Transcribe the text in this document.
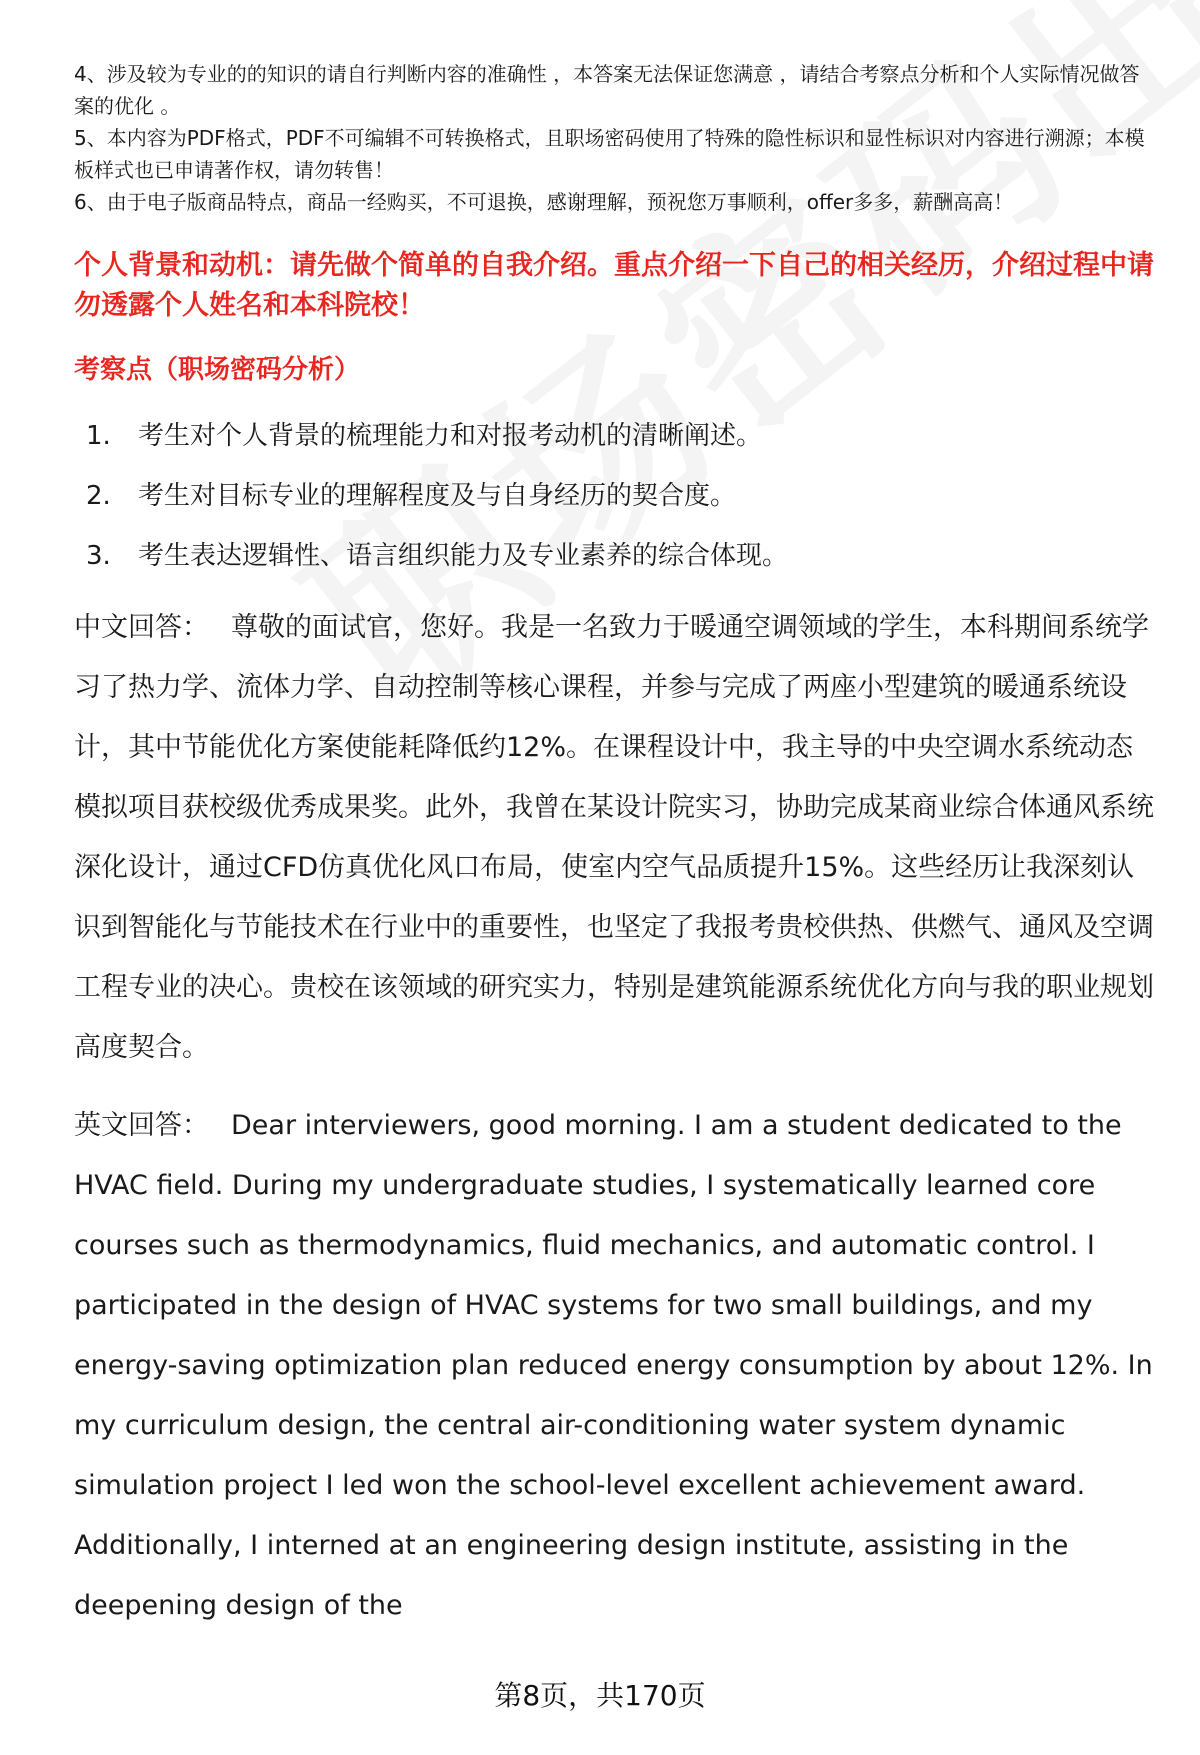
4、涉及较为专业的的知识的请自行判断内容的准确性 ，本答案无法保证您满意 ，请结合考察点分析和个人实际情况做答案的优化 。

5、本内容为PDF格式，PDF不可编辑不可转换格式，且职场密码使用了特殊的隐性标识和显性标识对内容进行溯源；本模板样式也已申请著作权，请勿转售！

6、由于电子版商品特点，商品一经购买，不可退换，感谢理解，预祝您万事顺利，offer多多，薪酬高高！

个人背景和动机：请先做个简单的自我介绍。重点介绍一下自己的相关经历，介绍过程中请勿透露个人姓名和本科院校！
考察点（职场密码分析）
1.	考生对个人背景的梳理能力和对报考动机的清晰阐述。
2.	考生对目标专业的理解程度及与自身经历的契合度。
3.	考生表达逻辑性、语言组织能力及专业素养的综合体现。

中文回答： 尊敬的面试官，您好。我是一名致力于暖通空调领域的学生，本科期间系统学习了热力学、流体力学、自动控制等核心课程，并参与完成了两座小型建筑的暖通系统设计，其中节能优化方案使能耗降低约12%。在课程设计中，我主导的中央空调水系统动态模拟项目获校级优秀成果奖。此外，我曾在某设计院实习，协助完成某商业综合体通风系统深化设计，通过CFD仿真优化风口布局，使室内空气品质提升15%。这些经历让我深刻认识到智能化与节能技术在行业中的重要性，也坚定了我报考贵校供热、供燃气、通风及空调工程专业的决心。贵校在该领域的研究实力，特别是建筑能源系统优化方向与我的职业规划高度契合。

英文回答： Dear interviewers, good morning. I am a student dedicated to the HVAC field. During my undergraduate studies, I systematically learned core courses such as thermodynamics, fluid mechanics, and automatic control. I participated in the design of HVAC systems for two small buildings, and my energy-saving optimization plan reduced energy consumption by about 12%. In my curriculum design, the central air-conditioning water system dynamic simulation project I led won the school-level excellent achievement award. Additionally, I interned at an engineering design institute, assisting in the deepening design of the

第8页，共170页
